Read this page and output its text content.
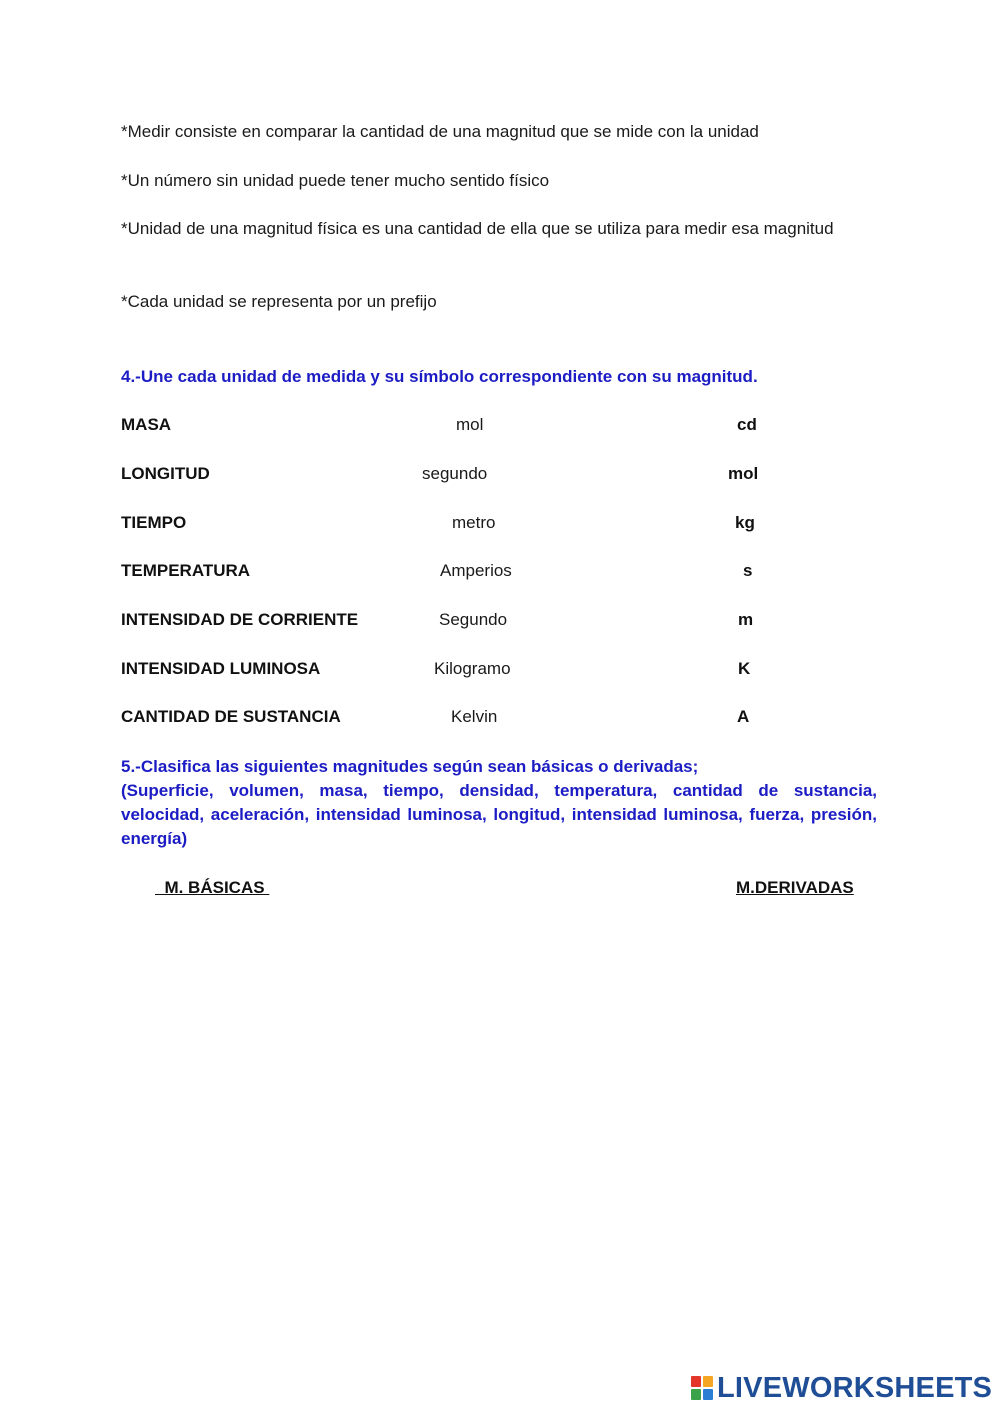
*Medir consiste en comparar la cantidad de una magnitud que se mide con la unidad
*Un número sin unidad puede tener mucho sentido físico
*Unidad de una magnitud física es una cantidad de ella que se utiliza para medir esa magnitud
*Cada unidad se representa por un prefijo
4.-Une cada unidad de medida y su símbolo correspondiente con su magnitud.
MASA	mol	cd
LONGITUD	segundo	mol
TIEMPO	metro	kg
TEMPERATURA	Amperios	s
INTENSIDAD DE CORRIENTE	Segundo	m
INTENSIDAD LUMINOSA	Kilogramo	K
CANTIDAD DE SUSTANCIA	Kelvin	A
5.-Clasifica las siguientes magnitudes según sean básicas o derivadas;
(Superficie, volumen, masa, tiempo, densidad, temperatura, cantidad de sustancia, velocidad, aceleración, intensidad luminosa, longitud, intensidad luminosa, fuerza, presión, energía)
M. BÁSICAS	M.DERIVADAS
LIVEWORKSHEETS
